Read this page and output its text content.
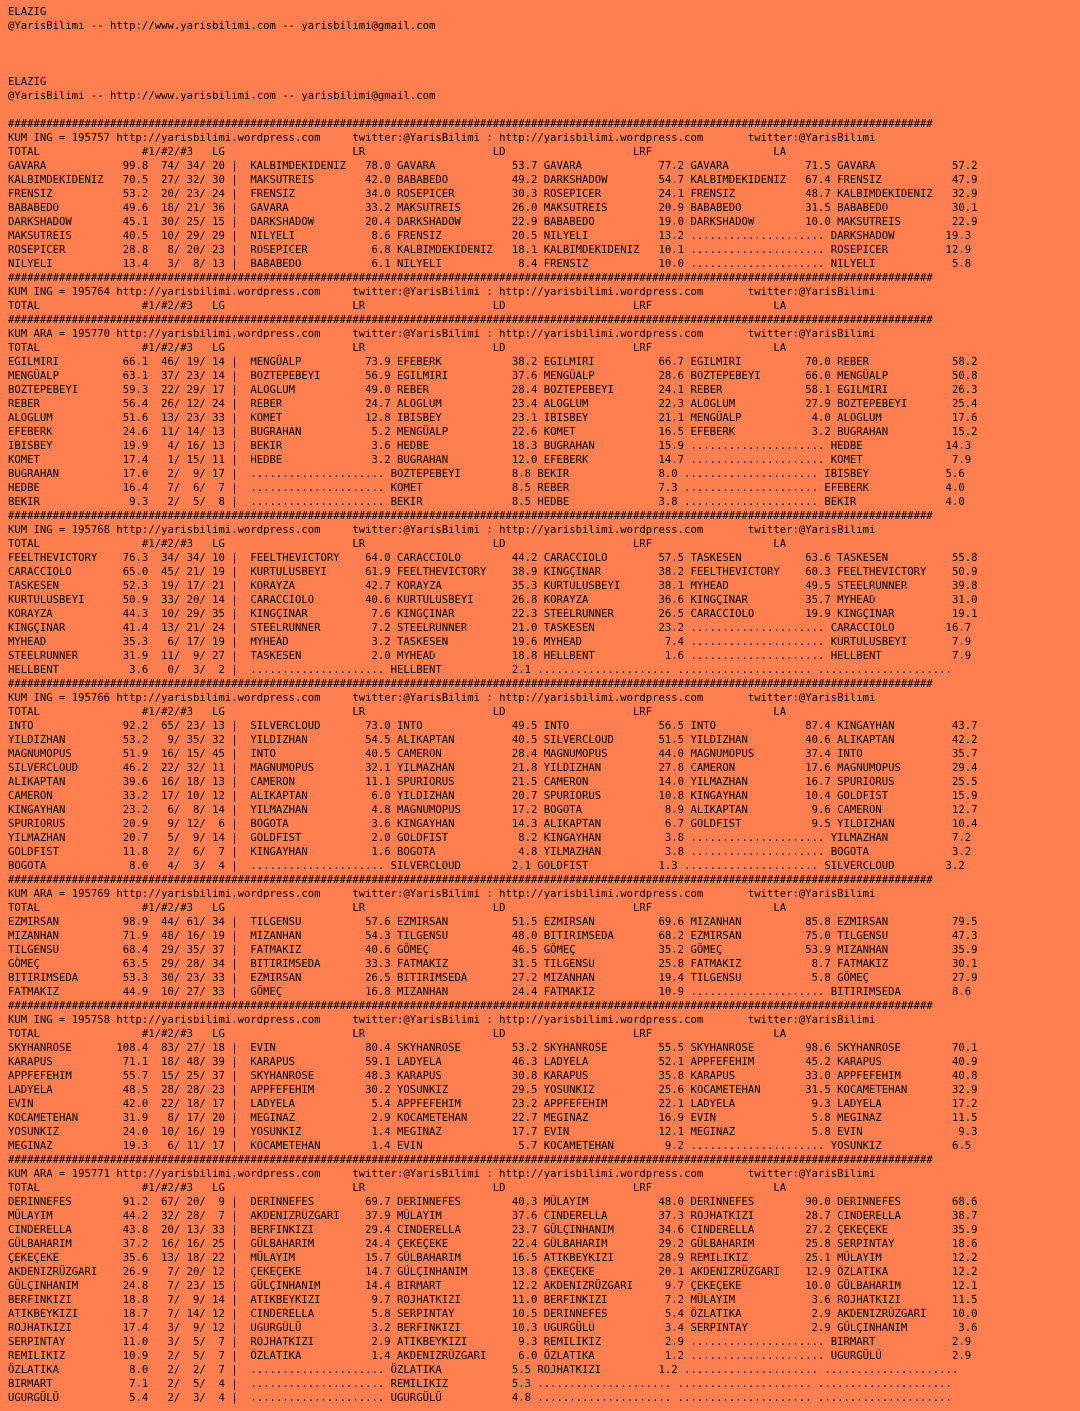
ELAZIG
@YarisBilimi -- http://www.yarisbilimi.com -- yarisbilimi@gmail.com
ELAZIG
@YarisBilimi -- http://www.yarisbilimi.com -- yarisbilimi@gmail.com
#################################################################################################################################################
KUM ING = 195757 http://yarisbilimi.wordpress.com     twitter:@YarisBilimi : http://yarisbilimi.wordpress.com       twitter:@YarisBilimi
TOTAL                #1/#2/#3   LG                    LR                    LD                    LRF                   LA
GAVARA            99.8  74/ 34/ 20 |  KALBIMDEKIDENIZ   78.0 GAVARA            53.7 GAVARA            77.2 GAVARA            71.5 GAVARA            57.2
KALBIMDEKIDENIZ   70.5  27/ 32/ 30 |  MAKSUTREIS        42.0 BABABEDO          49.2 DARKSHADOW        54.7 KALBIMDEKIDENIZ   67.4 FRENSIZ           47.9
FRENSIZ           53.2  20/ 23/ 24 |  FRENSIZ           34.0 ROSEPICER         30.3 ROSEPICER         24.1 FRENSIZ           48.7 KALBIMDEKIDENIZ   32.9
BABABEDO          49.6  18/ 21/ 36 |  GAVARA            33.2 MAKSUTREIS        26.0 MAKSUTREIS        20.9 BABABEDO          31.5 BABABEDO          30.1
DARKSHADOW        45.1  30/ 25/ 15 |  DARKSHADOW        20.4 DARKSHADOW        22.9 BABABEDO          19.0 DARKSHADOW        10.0 MAKSUTREIS        22.9
MAKSUTREIS        40.5  10/ 29/ 29 |  NILYELI            8.6 FRENSIZ           20.5 NILYELI           13.2 ..................... DARKSHADOW        19.3
ROSEPICER         28.8   8/ 20/ 23 |  ROSEPICER          6.8 KALBIMDEKIDENIZ   18.1 KALBIMDEKIDENIZ   10.1 ..................... ROSEPICER         12.9
NILYELI           13.4   3/  8/ 13 |  BABABEDO           6.1 NILYELI            8.4 FRENSIZ           10.0 ..................... NILYELI            5.8
#################################################################################################################################################
KUM ING = 195764 http://yarisbilimi.wordpress.com     twitter:@YarisBilimi : http://yarisbilimi.wordpress.com       twitter:@YarisBilimi
TOTAL                #1/#2/#3   LG                    LR                    LD                    LRF                   LA
#################################################################################################################################################
KUM ARA = 195770 http://yarisbilimi.wordpress.com     twitter:@YarisBilimi : http://yarisbilimi.wordpress.com       twitter:@YarisBilimi
TOTAL                #1/#2/#3   LG                    LR                    LD                    LRF                   LA
EGILMIRI          66.1  46/ 19/ 14 |  MENGÜALP          73.9 EFEBERK           38.2 EGILMIRI          66.7 EGILMIRI          70.0 REBER             58.2
MENGÜALP          63.1  37/ 23/ 14 |  BOZTEPEBEYI       56.9 EGILMIRI          37.6 MENGÜALP          28.6 BOZTEPEBEYI       66.0 MENGÜALP          50.8
BOZTEPEBEYI       59.3  22/ 29/ 17 |  ALOGLUM           49.0 REBER             28.4 BOZTEPEBEYI       24.1 REBER             58.1 EGILMIRI          26.3
REBER             56.4  26/ 12/ 24 |  REBER             24.7 ALOGLUM           23.4 ALOGLUM           22.3 ALOGLUM           27.9 BOZTEPEBEYI       25.4
ALOGLUM           51.6  13/ 23/ 33 |  KOMET             12.8 IBISBEY           23.1 IBISBEY           21.1 MENGÜALP           4.0 ALOGLUM           17.6
EFEBERK           24.6  11/ 14/ 13 |  BUGRAHAN           5.2 MENGÜALP          22.6 KOMET             16.5 EFEBERK            3.2 BUGRAHAN          15.2
IBISBEY           19.9   4/ 16/ 13 |  BEKIR              3.6 HEDBE             18.3 BUGRAHAN          15.9 ..................... HEDBE             14.3
KOMET             17.4   1/ 15/ 11 |  HEDBE              3.2 BUGRAHAN          12.0 EFEBERK           14.7 ..................... KOMET              7.9
BUGRAHAN          17.0   2/  9/ 17 |  ..................... BOZTEPEBEYI        8.8 BEKIR              8.0 ..................... IBISBEY            5.6
HEDBE             16.4   7/  6/  7 |  ..................... KOMET              8.5 REBER              7.3 ..................... EFEBERK            4.0
BEKIR              9.3   2/  5/  8 |  ..................... BEKIR              8.5 HEDBE              3.8 ..................... BEKIR              4.0
#################################################################################################################################################
KUM ING = 195768 http://yarisbilimi.wordpress.com     twitter:@YarisBilimi : http://yarisbilimi.wordpress.com       twitter:@YarisBilimi
TOTAL                #1/#2/#3   LG                    LR                    LD                    LRF                   LA
FEELTHEVICTORY    76.3  34/ 34/ 10 |  FEELTHEVICTORY    64.0 CARACCIOLO        44.2 CARACCIOLO        57.5 TASKESEN          63.6 TASKESEN          55.8
CARACCIOLO        65.0  45/ 21/ 19 |  KURTULUSBEYI      61.9 FEELTHEVICTORY    38.9 KINGÇINAR         38.2 FEELTHEVICTORY    60.3 FEELTHEVICTORY    50.9
TASKESEN          52.3  19/ 17/ 21 |  KORAYZA           42.7 KORAYZA           35.3 KURTULUSBEYI      38.1 MYHEAD            49.5 STEELRUNNER       39.8
KURTULUSBEYI      50.9  33/ 20/ 14 |  CARACCIOLO        40.6 KURTULUSBEYI      26.8 KORAYZA           36.6 KINGÇINAR         35.7 MYHEAD            31.0
KORAYZA           44.3  10/ 29/ 35 |  KINGÇINAR          7.6 KINGÇINAR         22.3 STEELRUNNER       26.5 CARACCIOLO        19.9 KINGÇINAR         19.1
KINGÇINAR         41.4  13/ 21/ 24 |  STEELRUNNER        7.2 STEELRUNNER       21.0 TASKESEN          23.2 ..................... CARACCIOLO        16.7
MYHEAD            35.3   6/ 17/ 19 |  MYHEAD             3.2 TASKESEN          19.6 MYHEAD             7.4 ..................... KURTULUSBEYI       7.9
STEELRUNNER       31.9  11/  9/ 27 |  TASKESEN           2.0 MYHEAD            18.8 HELLBENT           1.6 ..................... HELLBENT           7.9
HELLBENT           3.6   0/  3/  2 |  ..................... HELLBENT           2.1 ..................... ..................... .....................
#################################################################################################################################################
KUM ING = 195766 http://yarisbilimi.wordpress.com     twitter:@YarisBilimi : http://yarisbilimi.wordpress.com       twitter:@YarisBilimi
TOTAL                #1/#2/#3   LG                    LR                    LD                    LRF                   LA
INTO              92.2  65/ 23/ 13 |  SILVERCLOUD       73.0 INTO              49.5 INTO              56.5 INTO              87.4 KINGAYHAN         43.7
YILDIZHAN         53.2   9/ 35/ 32 |  YILDIZHAN         54.5 ALIKAPTAN         40.5 SILVERCLOUD       51.5 YILDIZHAN         40.6 ALIKAPTAN         42.2
MAGNUMOPUS        51.9  16/ 15/ 45 |  INTO              40.5 CAMERON           28.4 MAGNUMOPUS        44.0 MAGNUMOPUS        37.4 INTO              35.7
SILVERCLOUD       46.2  22/ 32/ 11 |  MAGNUMOPUS        32.1 YILMAZHAN         21.8 YILDIZHAN         27.8 CAMERON           17.6 MAGNUMOPUS        29.4
ALIKAPTAN         39.6  16/ 18/ 13 |  CAMERON           11.1 SPURIORUS         21.5 CAMERON           14.0 YILMAZHAN         16.7 SPURIORUS         25.5
CAMERON           33.2  17/ 10/ 12 |  ALIKAPTAN          6.0 YILDIZHAN         20.7 SPURIORUS         10.8 KINGAYHAN         10.4 GOLDFIST          15.9
KINGAYHAN         23.2   6/  8/ 14 |  YILMAZHAN          4.8 MAGNUMOPUS        17.2 BOGOTA             8.9 ALIKAPTAN          9.6 CAMERON           12.7
SPURIORUS         20.9   9/ 12/  6 |  BOGOTA             3.6 KINGAYHAN         14.3 ALIKAPTAN          6.7 GOLDFIST           9.5 YILDIZHAN         10.4
YILMAZHAN         20.7   5/  9/ 14 |  GOLDFIST           2.0 GOLDFIST           8.2 KINGAYHAN          3.8 ..................... YILMAZHAN          7.2
GOLDFIST          11.8   2/  6/  7 |  KINGAYHAN          1.6 BOGOTA             4.8 YILMAZHAN          3.8 ..................... BOGOTA             3.2
BOGOTA             8.0   4/  3/  4 |  ..................... SILVERCLOUD        2.1 GOLDFIST           1.3 ..................... SILVERCLOUD        3.2
#################################################################################################################################################
KUM ARA = 195769 http://yarisbilimi.wordpress.com     twitter:@YarisBilimi : http://yarisbilimi.wordpress.com       twitter:@YarisBilimi
TOTAL                #1/#2/#3   LG                    LR                    LD                    LRF                   LA
EZMIRSAN          98.9  44/ 61/ 34 |  TILGENSU          57.6 EZMIRSAN          51.5 EZMIRSAN          69.6 MIZANHAN          85.8 EZMIRSAN          79.5
MIZANHAN          71.9  48/ 16/ 19 |  MIZANHAN          54.3 TILGENSU          48.0 BITIRIMSEDA       68.2 EZMIRSAN          75.0 TILGENSU          47.3
TILGENSU          68.4  29/ 35/ 37 |  FATMAKIZ          40.6 GÖMEÇ             46.5 GÖMEÇ             35.2 GÖMEÇ             53.9 MIZANHAN          35.9
GÖMEÇ             63.5  29/ 28/ 34 |  BITIRIMSEDA       33.3 FATMAKIZ          31.5 TILGENSU          25.8 FATMAKIZ           8.7 FATMAKIZ          30.1
BITIRIMSEDA       53.3  30/ 23/ 33 |  EZMIRSAN          26.5 BITIRIMSEDA       27.2 MIZANHAN          19.4 TILGENSU           5.8 GÖMEÇ             27.9
FATMAKIZ          44.9  10/ 27/ 33 |  GÖMEÇ             16.8 MIZANHAN          24.4 FATMAKIZ          10.9 ..................... BITIRIMSEDA        8.6
#################################################################################################################################################
KUM ING = 195758 http://yarisbilimi.wordpress.com     twitter:@YarisBilimi : http://yarisbilimi.wordpress.com       twitter:@YarisBilimi
TOTAL                #1/#2/#3   LG                    LR                    LD                    LRF                   LA
SKYHANROSE       108.4  83/ 27/ 18 |  EVIN              80.4 SKYHANROSE        53.2 SKYHANROSE        55.5 SKYHANROSE        98.6 SKYHANROSE        70.1
KARAPUS           71.1  18/ 48/ 39 |  KARAPUS           59.1 LADYELA           46.3 LADYELA           52.1 APPFEFEHIM        45.2 KARAPUS           40.9
APPFEFEHIM        55.7  15/ 25/ 37 |  SKYHANROSE        48.3 KARAPUS           30.8 KARAPUS           35.8 KARAPUS           33.0 APPFEFEHIM        40.8
LADYELA           48.5  28/ 28/ 23 |  APPFEFEHIM        30.2 YOSUNKIZ          29.5 YOSUNKIZ          25.6 KOCAMETEHAN       31.5 KOCAMETEHAN       32.9
EVIN              42.0  22/ 18/ 17 |  LADYELA            5.4 APPFEFEHIM        23.2 APPFEFEHIM        22.1 LADYELA            9.3 LADYELA           17.2
KOCAMETEHAN       31.9   8/ 17/ 20 |  MEGINAZ            2.9 KOCAMETEHAN       22.7 MEGINAZ           16.9 EVIN               5.8 MEGINAZ           11.5
YOSUNKIZ          24.0  10/ 16/ 19 |  YOSUNKIZ           1.4 MEGINAZ           17.7 EVIN              12.1 MEGINAZ            5.8 EVIN               9.3
MEGINAZ           19.3   6/ 11/ 17 |  KOCAMETEHAN        1.4 EVIN               5.7 KOCAMETEHAN        9.2 ..................... YOSUNKIZ           6.5
#################################################################################################################################################
KUM ARA = 195771 http://yarisbilimi.wordpress.com     twitter:@YarisBilimi : http://yarisbilimi.wordpress.com       twitter:@YarisBilimi
TOTAL                #1/#2/#3   LG                    LR                    LD                    LRF                   LA
DERINNEFES        91.2  67/ 20/  9 |  DERINNEFES        69.7 DERINNEFES        40.3 MÜLAYIM           48.0 DERINNEFES        90.0 DERINNEFES        68.6
MÜLAYIM           44.2  32/ 28/  7 |  AKDENIZRÜZGARI    37.9 MÜLAYIM           37.6 CINDERELLA        37.3 ROJHATKIZI        28.7 CINDERELLA        38.7
CINDERELLA        43.8  20/ 13/ 33 |  BERFINKIZI        29.4 CINDERELLA        23.7 GÜLÇINHANIM       34.6 CINDERELLA        27.2 ÇEKEÇEKE          35.9
GÜLBAHARIM        37.2  16/ 16/ 25 |  GÜLBAHARIM        24.4 ÇEKEÇEKE          22.4 GÜLBAHARIM        29.2 GÜLBAHARIM        25.8 SERPINTAY         18.6
ÇEKEÇEKE          35.6  13/ 18/ 22 |  MÜLAYIM           15.7 GÜLBAHARIM        16.5 ATIKBEYKIZI       28.9 REMILIKIZ         25.1 MÜLAYIM           12.2
AKDENIZRÜZGARI    26.9   7/ 20/ 12 |  ÇEKEÇEKE          14.7 GÜLÇINHANIM       13.8 ÇEKEÇEKE          20.1 AKDENIZRÜZGARI    12.9 ÖZLATIKA          12.2
GÜLÇINHANIM       24.8   7/ 23/ 15 |  GÜLÇINHANIM       14.4 BIRMART           12.2 AKDENIZRÜZGARI     9.7 ÇEKEÇEKE          10.0 GÜLBAHARIM        12.1
BERFINKIZI        18.8   7/  9/ 14 |  ATIKBEYKIZI        9.7 ROJHATKIZI        11.0 BERFINKIZI         7.2 MÜLAYIM            3.6 ROJHATKIZI        11.5
ATIKBEYKIZI       18.7   7/ 14/ 12 |  CINDERELLA         5.8 SERPINTAY         10.5 DERINNEFES         5.4 ÖZLATIKA           2.9 AKDENIZRÜZGARI    10.0
ROJHATKIZI        17.4   3/  9/ 12 |  UGURGÜLÜ           3.2 BERFINKIZI        10.3 UGURGÜLÜ           3.4 SERPINTAY          2.9 GÜLÇINHANIM        3.6
SERPINTAY         11.0   3/  5/  7 |  ROJHATKIZI         2.9 ATIKBEYKIZI        9.3 REMILIKIZ          2.9 ..................... BIRMART            2.9
REMILIKIZ         10.9   2/  5/  7 |  ÖZLATIKA           1.4 AKDENIZRÜZGARI     6.0 ÖZLATIKA           1.2 ..................... UGURGÜLÜ           2.9
ÖZLATIKA           8.0   2/  2/  7 |  ..................... ÖZLATIKA           5.5 ROJHATKIZI         1.2 ..................... .....................
BIRMART            7.1   2/  5/  4 |  ..................... REMILIKIZ          5.3 ..................... ..................... .....................
UGURGÜLÜ           5.4   2/  3/  4 |  ..................... UGURGÜLÜ           4.8 ..................... ..................... .....................
